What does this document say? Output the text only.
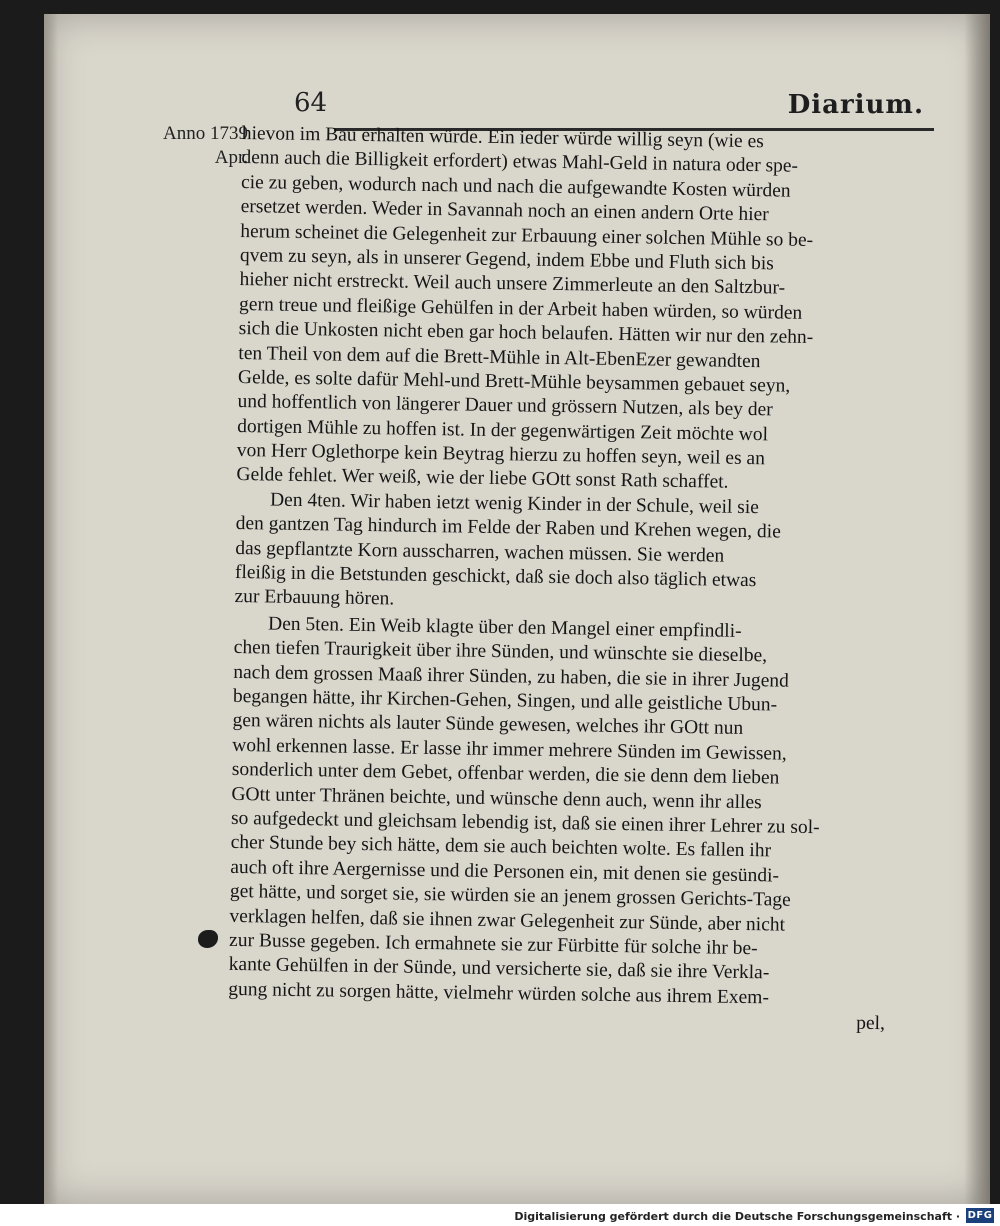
64	Diarium.
Anno 1739
Apr.
hievon im Bau erhalten würde. Ein ieder würde willig seyn (wie es
denn auch die Billigkeit erfordert) etwas Mahl-Geld in natura oder spe-
cie zu geben, wodurch nach und nach die aufgewandte Kosten würden
ersetzet werden. Weder in Savannah noch an einen andern Orte hier
herum scheinet die Gelegenheit zur Erbauung einer solchen Mühle so be-
qvem zu seyn, als in unserer Gegend, indem Ebbe und Fluth sich bis
hieher nicht erstreckt. Weil auch unsere Zimmerleute an den Saltzbur-
gern treue und fleißige Gehülfen in der Arbeit haben würden, so würden
sich die Unkosten nicht eben gar hoch belaufen. Hätten wir nur den zehn-
ten Theil von dem auf die Brett-Mühle in Alt-EbenEzer gewandten
Gelde, es solte dafür Mehl-und Brett-Mühle beysammen gebauet seyn,
und hoffentlich von längerer Dauer und grössern Nutzen, als bey der
dortigen Mühle zu hoffen ist. In der gegenwärtigen Zeit möchte wol
von Herr Oglethorpe kein Beytrag hierzu zu hoffen seyn, weil es an
Gelde fehlet. Wer weiß, wie der liebe GOtt sonst Rath schaffet.
Den 4ten. Wir haben ietzt wenig Kinder in der Schule, weil sie
den gantzen Tag hindurch im Felde der Raben und Krehen wegen, die
das gepflantzte Korn ausscharren, wachen müssen. Sie werden
fleißig in die Betstunden geschickt, daß sie doch also täglich etwas
zur Erbauung hören.
Den 5ten. Ein Weib klagte über den Mangel einer empfindli-
chen tiefen Traurigkeit über ihre Sünden, und wünschte sie dieselbe,
nach dem grossen Maaß ihrer Sünden, zu haben, die sie in ihrer Jugend
begangen hätte, ihr Kirchen-Gehen, Singen, und alle geistliche Ubun-
gen wären nichts als lauter Sünde gewesen, welches ihr GOtt nun
wohl erkennen lasse. Er lasse ihr immer mehrere Sünden im Gewissen,
sonderlich unter dem Gebet, offenbar werden, die sie denn dem lieben
GOtt unter Thränen beichte, und wünsche denn auch, wenn ihr alles
so aufgedeckt und gleichsam lebendig ist, daß sie einen ihrer Lehrer zu sol-
cher Stunde bey sich hätte, dem sie auch beichten wolte. Es fallen ihr
auch oft ihre Aergernisse und die Personen ein, mit denen sie gesündi-
get hätte, und sorget sie, sie würden sie an jenem grossen Gerichts-Tage
verklagen helfen, daß sie ihnen zwar Gelegenheit zur Sünde, aber nicht
zur Busse gegeben. Ich ermahnete sie zur Fürbitte für solche ihr be-
kante Gehülfen in der Sünde, und versicherte sie, daß sie ihre Verkla-
gung nicht zu sorgen hätte, vielmehr würden solche aus ihrem Exem-
pel,
Digitalisierung gefördert durch die Deutsche Forschungsgemeinschaft · DFG
